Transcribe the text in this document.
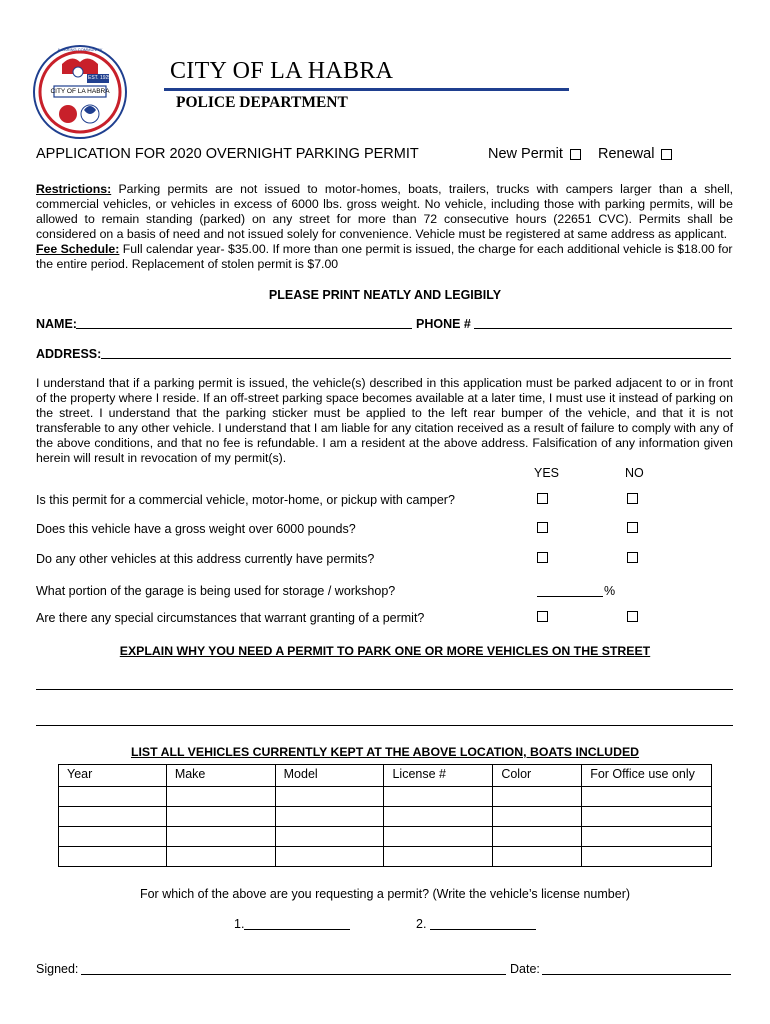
EST. 1925
CITY OF LA HABRA
A CARING COMMUNITY
CITY OF LA HABRA
POLICE DEPARTMENT
APPLICATION FOR 2020 OVERNIGHT PARKING PERMIT	New Permit	Renewal

Restrictions: Parking permits are not issued to motor-homes, boats, trailers, trucks with campers larger than a shell, commercial vehicles, or vehicles in excess of 6000 lbs. gross weight. No vehicle, including those with parking permits, will be allowed to remain standing (parked) on any street for more than 72 consecutive hours (22651 CVC). Permits shall be considered on a basis of need and not issued solely for convenience. Vehicle must be registered at same address as applicant.

Fee Schedule: Full calendar year- $35.00. If more than one permit is issued, the charge for each additional vehicle is $18.00 for the entire period. Replacement of stolen permit is $7.00

PLEASE PRINT NEATLY AND LEGIBILY
NAME:	PHONE #
ADDRESS:

I understand that if a parking permit is issued, the vehicle(s) described in this application must be parked adjacent to or in front of the property where I reside. If an off-street parking space becomes available at a later time, I must use it instead of parking on the street. I understand that the parking sticker must be applied to the left rear bumper of the vehicle, and that it is not transferable to any other vehicle. I understand that I am liable for any citation received as a result of failure to comply with any of the above conditions, and that no fee is refundable. I am a resident at the above address. Falsification of any information given herein will result in revocation of my permit(s).

YES	NO
Is this permit for a commercial vehicle, motor-home, or pickup with camper?
Does this vehicle have a gross weight over 6000 pounds?
Do any other vehicles at this address currently have permits?
What portion of the garage is being used for storage / workshop?	%
Are there any special circumstances that warrant granting of a permit?
EXPLAIN WHY YOU NEED A PERMIT TO PARK ONE OR MORE VEHICLES ON THE STREET
LIST ALL VEHICLES CURRENTLY KEPT AT THE ABOVE LOCATION, BOATS INCLUDED
Year	Make	Model	License #	Color	For Office use only

For which of the above are you requesting a permit? (Write the vehicle’s license number)
1.	2.
Signed:	Date:
